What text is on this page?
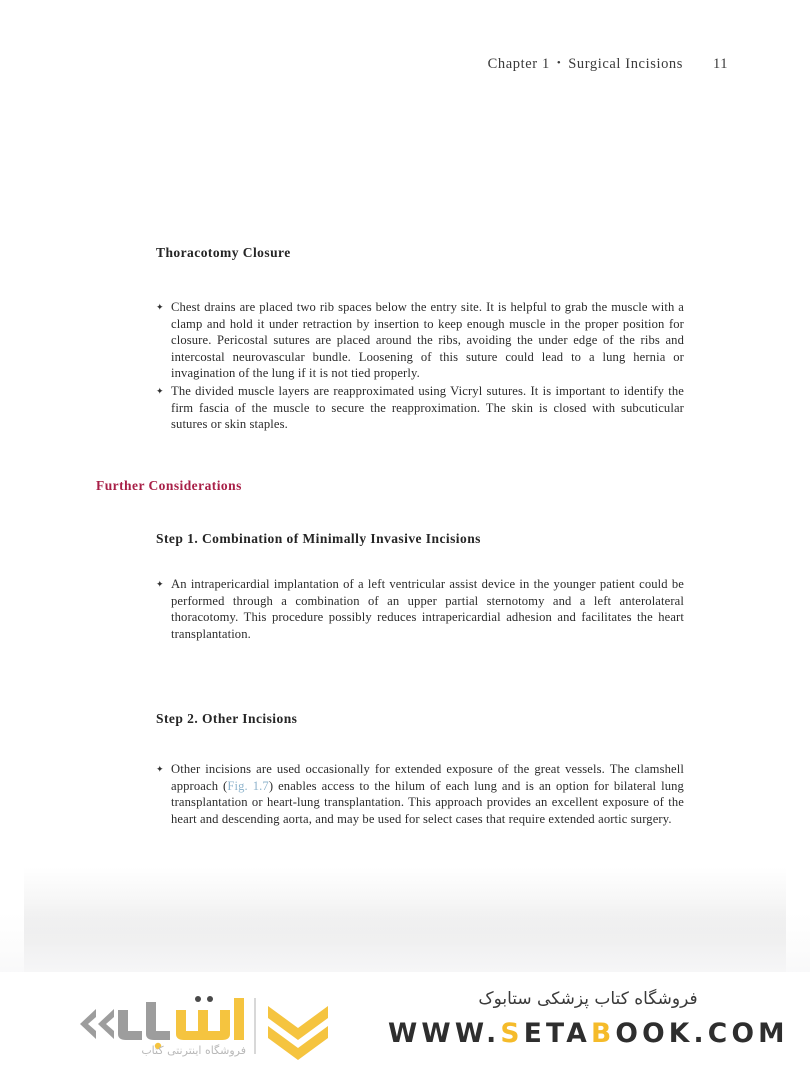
Chapter 1 • Surgical Incisions 11
Thoracotomy Closure

✦ Chest drains are placed two rib spaces below the entry site. It is helpful to grab the muscle with a clamp and hold it under retraction by insertion to keep enough muscle in the proper position for closure. Pericostal sutures are placed around the ribs, avoiding the under edge of the ribs and intercostal neurovascular bundle. Loosening of this suture could lead to a lung hernia or invagination of the lung if it is not tied properly.

✦ The divided muscle layers are reapproximated using Vicryl sutures. It is important to identify the firm fascia of the muscle to secure the reapproximation. The skin is closed with subcuticular sutures or skin staples.

Further Considerations
Step 1. Combination of Minimally Invasive Incisions

✦ An intrapericardial implantation of a left ventricular assist device in the younger patient could be performed through a combination of an upper partial sternotomy and a left anterolateral thoracotomy. This procedure possibly reduces intrapericardial adhesion and facilitates the heart transplantation.

Step 2. Other Incisions

✦ Other incisions are used occasionally for extended exposure of the great vessels. The clamshell approach (Fig. 1.7) enables access to the hilum of each lung and is an option for bilateral lung transplantation or heart-lung transplantation. This approach provides an excellent exposure of the heart and descending aorta, and may be used for select cases that require extended aortic surgery.

فروشگاه اینترنتی کتاب
فروشگاه کتاب پزشکی ستابوک
WWW.SETABOOK.COM
